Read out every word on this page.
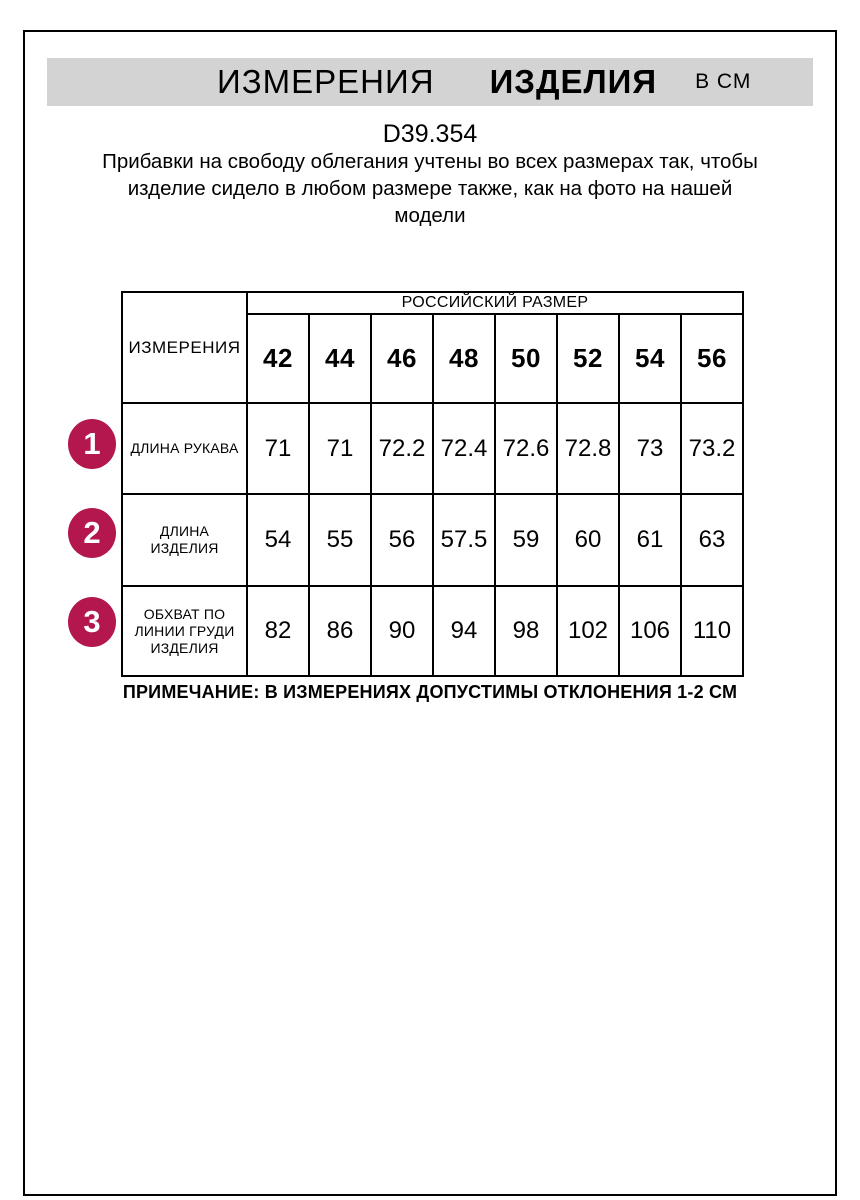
ИЗМЕРЕНИЯ ИЗДЕЛИЯ В СМ
D39.354
Прибавки на свободу облегания учтены во всех размерах так, чтобы
изделие сидело в любом размере также, как на фото на нашей
модели
1
2
3
ИЗМЕРЕНИЯ	РОССИЙСКИЙ РАЗМЕР							
	42	44	46	48	50	52	54	56

ДЛИНА РУКАВА	71	71	72.2	72.4	72.6	72.8	73	73.2

ДЛИНА
ИЗДЕЛИЯ	54	55	56	57.5	59	60	61	63

ОБХВАТ ПО
ЛИНИИ ГРУДИ
ИЗДЕЛИЯ	82	86	90	94	98	102	106	110
ПРИМЕЧАНИЕ: В ИЗМЕРЕНИЯХ ДОПУСТИМЫ ОТКЛОНЕНИЯ 1-2 СМ
